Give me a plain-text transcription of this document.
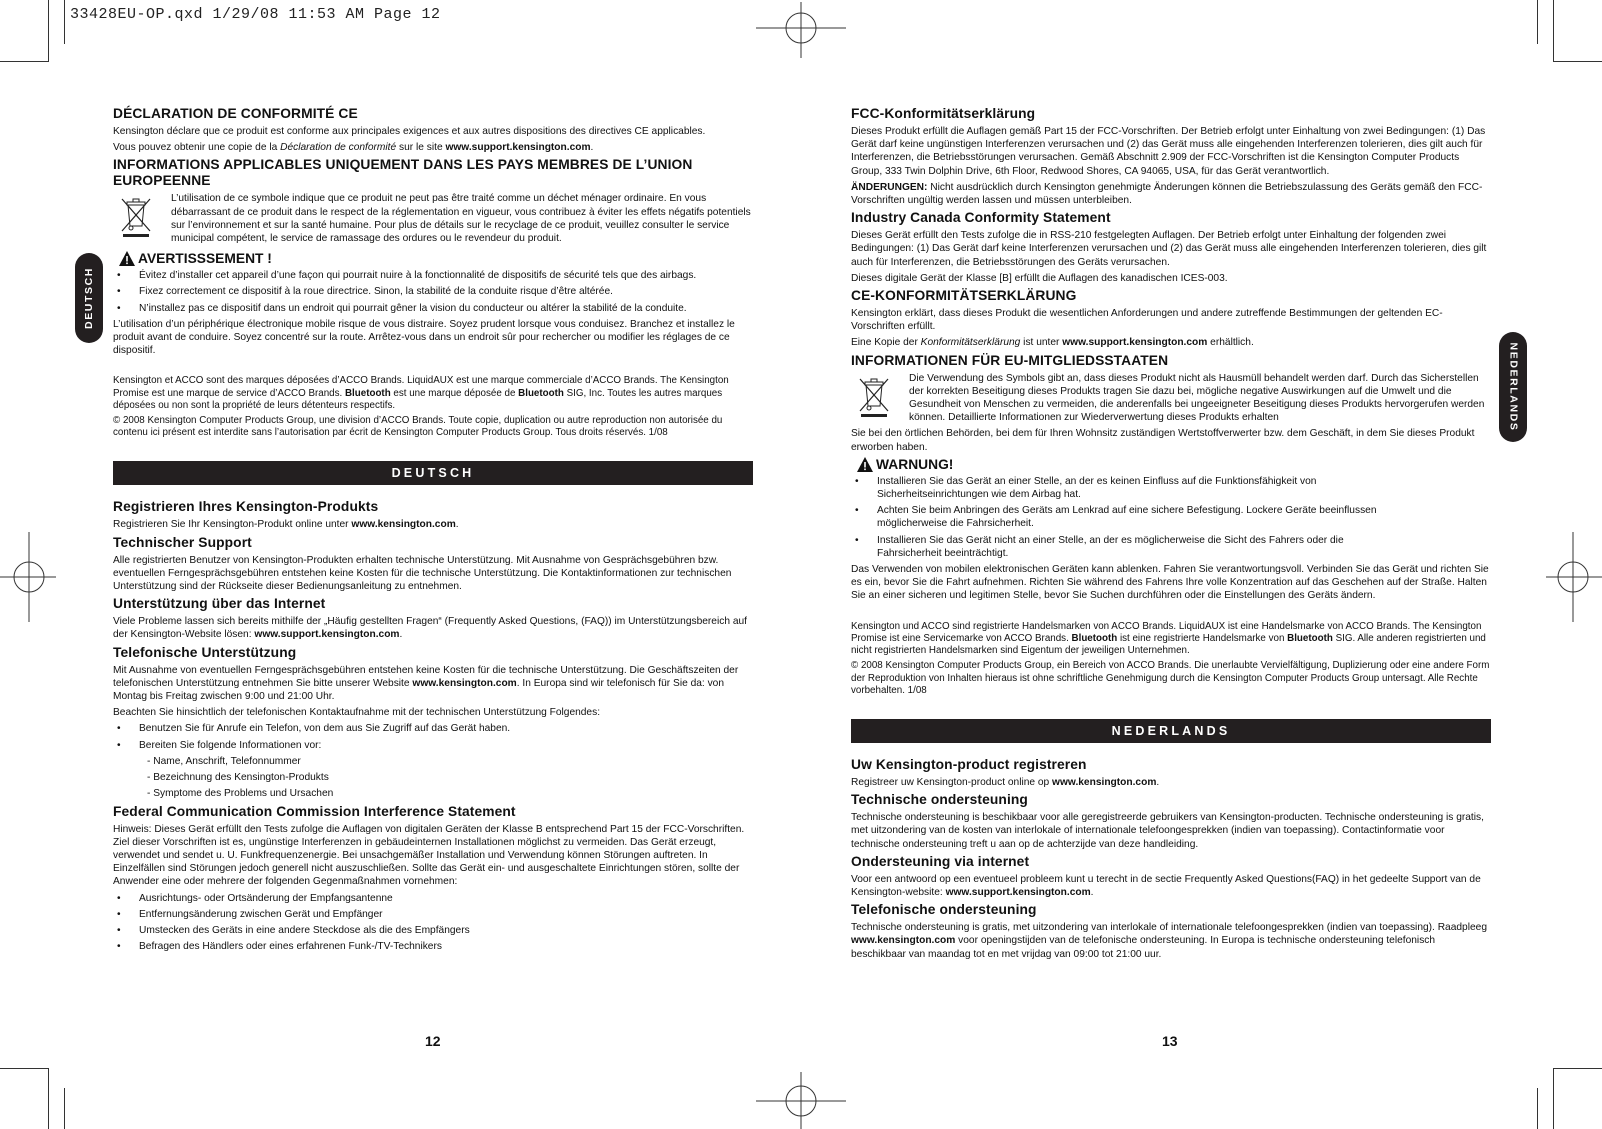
33428EU-OP.qxd 1/29/08 11:53 AM Page 12
DEUTSCH
NEDERLANDS
DÉCLARATION DE CONFORMITÉ CE

Kensington déclare que ce produit est conforme aux principales exigences et aux autres dispositions des directives CE applicables.

Vous pouvez obtenir une copie de la Déclaration de conformité sur le site www.support.kensington.com.

INFORMATIONS APPLICABLES UNIQUEMENT DANS LES PAYS MEMBRES DE L’UNION EUROPEENNE

L’utilisation de ce symbole indique que ce produit ne peut pas être traité comme un déchet ménager ordinaire. En vous débarrassant de ce produit dans le respect de la réglementation en vigueur, vous contribuez à éviter les effets négatifs potentiels sur l’environnement et sur la santé humaine. Pour plus de détails sur le recyclage de ce produit, veuillez consulter le service municipal compétent, le service de ramassage des ordures ou le revendeur du produit.

AVERTISSSEMENT !
•	Évitez d’installer cet appareil d’une façon qui pourrait nuire à la fonctionnalité de dispositifs de sécurité tels que des airbags.
•	Fixez correctement ce dispositif à la roue directrice. Sinon, la stabilité de la conduite risque d’être altérée.
•	N’installez pas ce dispositif dans un endroit qui pourrait gêner la vision du conducteur ou altérer la stabilité de la conduite.

L’utilisation d’un périphérique électronique mobile risque de vous distraire. Soyez prudent lorsque vous conduisez. Branchez et installez le produit avant de conduire. Soyez concentré sur la route. Arrêtez-vous dans un endroit sûr pour rechercher ou modifier les réglages de ce dispositif.

Kensington et ACCO sont des marques déposées d’ACCO Brands. LiquidAUX est une marque commerciale d’ACCO Brands. The Kensington Promise est une marque de service d’ACCO Brands. Bluetooth est une marque déposée de Bluetooth SIG, Inc. Toutes les autres marques déposées ou non sont la propriété de leurs détenteurs respectifs.

© 2008 Kensington Computer Products Group, une division d’ACCO Brands. Toute copie, duplication ou autre reproduction non autorisée du contenu ici présent est interdite sans l’autorisation par écrit de Kensington Computer Products Group. Tous droits réservés. 1/08

DEUTSCH
Registrieren Ihres Kensington-Produkts

Registrieren Sie Ihr Kensington-Produkt online unter www.kensington.com.

Technischer Support

Alle registrierten Benutzer von Kensington-Produkten erhalten technische Unterstützung. Mit Ausnahme von Gesprächsgebühren bzw. eventuellen Ferngesprächsgebühren entstehen keine Kosten für die technische Unterstützung. Die Kontaktinformationen zur technischen Unterstützung sind der Rückseite dieser Bedienungsanleitung zu entnehmen.

Unterstützung über das Internet

Viele Probleme lassen sich bereits mithilfe der „Häufig gestellten Fragen“ (Frequently Asked Questions, (FAQ)) im Unterstützungsbereich auf der Kensington-Website lösen: www.support.kensington.com.

Telefonische Unterstützung

Mit Ausnahme von eventuellen Ferngesprächsgebühren entstehen keine Kosten für die technische Unterstützung. Die Geschäftszeiten der telefonischen Unterstützung entnehmen Sie bitte unserer Website www.kensington.com. In Europa sind wir telefonisch für Sie da: von Montag bis Freitag zwischen 9:00 und 21:00 Uhr.

Beachten Sie hinsichtlich der telefonischen Kontaktaufnahme mit der technischen Unterstützung Folgendes:

•	Benutzen Sie für Anrufe ein Telefon, von dem aus Sie Zugriff auf das Gerät haben.
•	Bereiten Sie folgende Informationen vor:
- Name, Anschrift, Telefonnummer
- Bezeichnung des Kensington-Produkts
- Symptome des Problems und Ursachen
Federal Communication Commission Interference Statement

Hinweis: Dieses Gerät erfüllt den Tests zufolge die Auflagen von digitalen Geräten der Klasse B entsprechend Part 15 der FCC-Vorschriften. Ziel dieser Vorschriften ist es, ungünstige Interferenzen in gebäudeinternen Installationen möglichst zu vermeiden. Das Gerät erzeugt, verwendet und sendet u. U. Funkfrequenzenergie. Bei unsachgemäßer Installation und Verwendung können Störungen auftreten. In Einzelfällen sind Störungen jedoch generell nicht auszuschließen. Sollte das Gerät ein- und ausgeschaltete Einrichtungen stören, sollte der Anwender eine oder mehrere der folgenden Gegenmaßnahmen vornehmen:

•	Ausrichtungs- oder Ortsänderung der Empfangsantenne
•	Entfernungsänderung zwischen Gerät und Empfänger
•	Umstecken des Geräts in eine andere Steckdose als die des Empfängers
•	Befragen des Händlers oder eines erfahrenen Funk-/TV-Technikers
FCC-Konformitätserklärung

Dieses Produkt erfüllt die Auflagen gemäß Part 15 der FCC-Vorschriften. Der Betrieb erfolgt unter Einhaltung von zwei Bedingungen: (1) Das Gerät darf keine ungünstigen Interferenzen verursachen und (2) das Gerät muss alle eingehenden Interferenzen tolerieren, dies gilt auch für Interferenzen, die Betriebsstörungen verursachen. Gemäß Abschnitt 2.909 der FCC-Vorschriften ist die Kensington Computer Products Group, 333 Twin Dolphin Drive, 6th Floor, Redwood Shores, CA 94065, USA, für das Gerät verantwortlich.

ÄNDERUNGEN: Nicht ausdrücklich durch Kensington genehmigte Änderungen können die Betriebszulassung des Geräts gemäß den FCC-Vorschriften ungültig werden lassen und müssen unterbleiben.

Industry Canada Conformity Statement

Dieses Gerät erfüllt den Tests zufolge die in RSS-210 festgelegten Auflagen. Der Betrieb erfolgt unter Einhaltung der folgenden zwei Bedingungen: (1) Das Gerät darf keine Interferenzen verursachen und (2) das Gerät muss alle eingehenden Interferenzen tolerieren, dies gilt auch für Interferenzen, die Betriebsstörungen des Geräts verursachen.

Dieses digitale Gerät der Klasse [B] erfüllt die Auflagen des kanadischen ICES-003.

CE-KONFORMITÄTSERKLÄRUNG

Kensington erklärt, dass dieses Produkt die wesentlichen Anforderungen und andere zutreffende Bestimmungen der geltenden EC-Vorschriften erfüllt.

Eine Kopie der Konformitätserklärung ist unter www.support.kensington.com erhältlich.

INFORMATIONEN FÜR EU-MITGLIEDSSTAATEN

Die Verwendung des Symbols gibt an, dass dieses Produkt nicht als Hausmüll behandelt werden darf. Durch das Sicherstellen der korrekten Beseitigung dieses Produkts tragen Sie dazu bei, mögliche negative Auswirkungen auf die Umwelt und die Gesundheit von Menschen zu vermeiden, die anderenfalls bei ungeeigneter Beseitigung dieses Produkts hervorgerufen werden können. Detaillierte Informationen zur Wiederverwertung dieses Produkts erhalten

Sie bei den örtlichen Behörden, bei dem für Ihren Wohnsitz zuständigen Wertstoffverwerter bzw. dem Geschäft, in dem Sie dieses Produkt erworben haben.

WARNUNG!
•	Installieren Sie das Gerät an einer Stelle, an der es keinen Einfluss auf die Funktionsfähigkeit von Sicherheitseinrichtungen wie dem Airbag hat.
•	Achten Sie beim Anbringen des Geräts am Lenkrad auf eine sichere Befestigung. Lockere Geräte beeinflussen möglicherweise die Fahrsicherheit.
•	Installieren Sie das Gerät nicht an einer Stelle, an der es möglicherweise die Sicht des Fahrers oder die Fahrsicherheit beeinträchtigt.

Das Verwenden von mobilen elektronischen Geräten kann ablenken. Fahren Sie verantwortungsvoll. Verbinden Sie das Gerät und richten Sie es ein, bevor Sie die Fahrt aufnehmen. Richten Sie während des Fahrens Ihre volle Konzentration auf das Geschehen auf der Straße. Halten Sie an einer sicheren und legitimen Stelle, bevor Sie Suchen durchführen oder die Einstellungen des Geräts ändern.

Kensington und ACCO sind registrierte Handelsmarken von ACCO Brands. LiquidAUX ist eine Handelsmarke von ACCO Brands. The Kensington Promise ist eine Servicemarke von ACCO Brands. Bluetooth ist eine registrierte Handelsmarke von Bluetooth SIG. Alle anderen registrierten und nicht registrierten Handelsmarken sind Eigentum der jeweiligen Unternehmen.

© 2008 Kensington Computer Products Group, ein Bereich von ACCO Brands. Die unerlaubte Vervielfältigung, Duplizierung oder eine andere Form der Reproduktion von Inhalten hieraus ist ohne schriftliche Genehmigung durch die Kensington Computer Products Group untersagt. Alle Rechte vorbehalten. 1/08

NEDERLANDS
Uw Kensington-product registreren

Registreer uw Kensington-product online op www.kensington.com.

Technische ondersteuning

Technische ondersteuning is beschikbaar voor alle geregistreerde gebruikers van Kensington-producten. Technische ondersteuning is gratis, met uitzondering van de kosten van interlokale of internationale telefoongesprekken (indien van toepassing). Contactinformatie voor technische ondersteuning treft u aan op de achterzijde van deze handleiding.

Ondersteuning via internet

Voor een antwoord op een eventueel probleem kunt u terecht in de sectie Frequently Asked Questions(FAQ) in het gedeelte Support van de Kensington-website: www.support.kensington.com.

Telefonische ondersteuning

Technische ondersteuning is gratis, met uitzondering van interlokale of internationale telefoongesprekken (indien van toepassing). Raadpleeg www.kensington.com voor openingstijden van de telefonische ondersteuning. In Europa is technische ondersteuning telefonisch beschikbaar van maandag tot en met vrijdag van 09:00 tot 21:00 uur.

12	13
